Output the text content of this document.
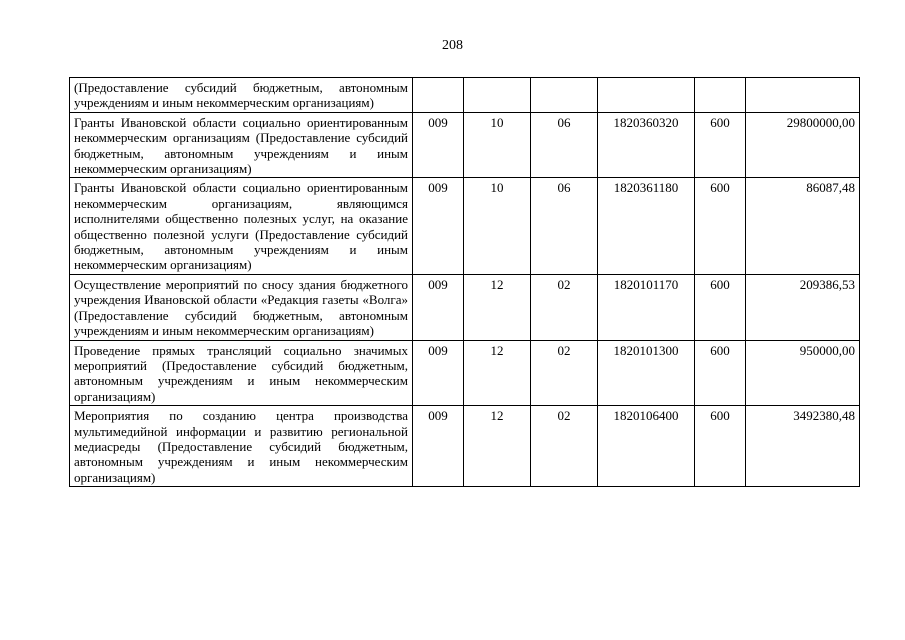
208
(Предоставление субсидий бюджетным, автономным учреждениям и иным некоммерческим организациям)						
Гранты Ивановской области социально ориентированным некоммерческим организациям (Предоставление субсидий бюджетным, автономным учреждениям и иным некоммерческим организациям)	009	10	06	1820360320	600	29800000,00
Гранты Ивановской области социально ориентированным некоммерческим организациям, являющимся исполнителями общественно полезных услуг, на оказание общественно полезной услуги (Предоставление субсидий бюджетным, автономным учреждениям и иным некоммерческим организациям)	009	10	06	1820361180	600	86087,48
Осуществление мероприятий по сносу здания бюджетного учреждения Ивановской области «Редакция газеты «Волга» (Предоставление субсидий бюджетным, автономным учреждениям и иным некоммерческим организациям)	009	12	02	1820101170	600	209386,53
Проведение прямых трансляций социально значимых мероприятий (Предоставление субсидий бюджетным, автономным учреждениям и иным некоммерческим организациям)	009	12	02	1820101300	600	950000,00
Мероприятия по созданию центра производства мультимедийной информации и развитию региональной медиасреды (Предоставление субсидий бюджетным, автономным учреждениям и иным некоммерческим организациям)	009	12	02	1820106400	600	3492380,48
